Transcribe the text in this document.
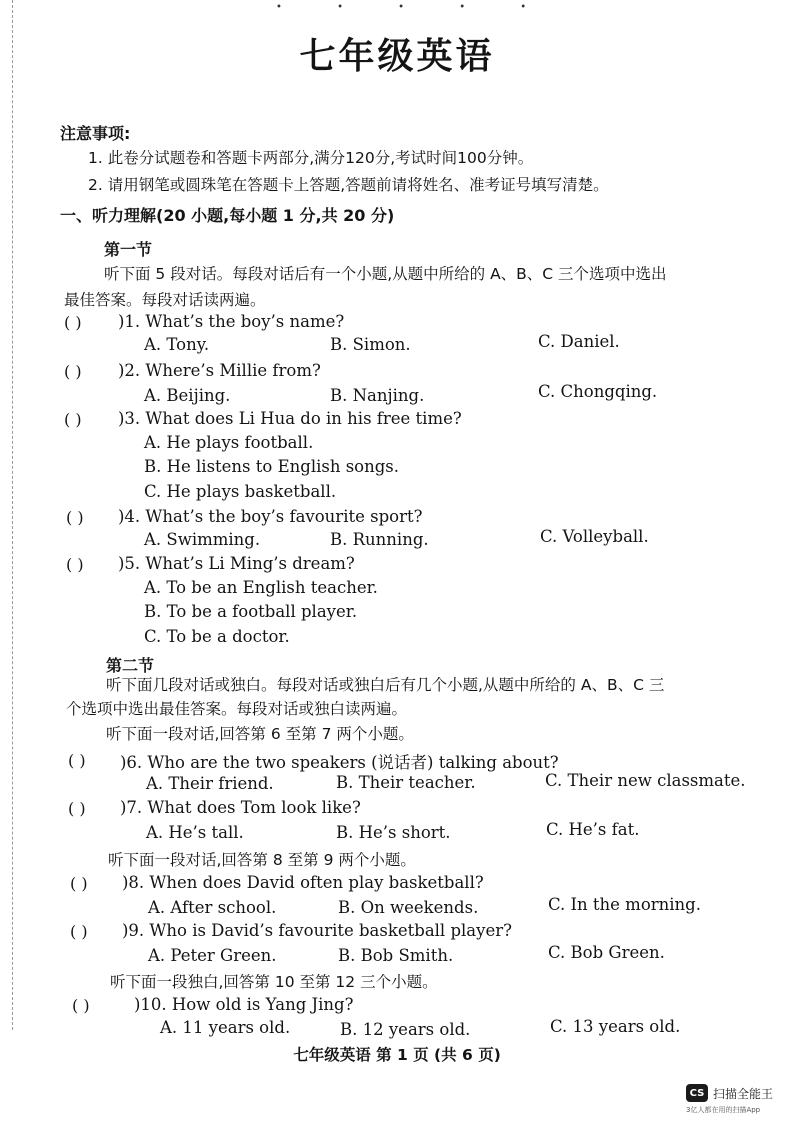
• • • • •
七年级英语
注意事项:
1. 此卷分试题卷和答题卡两部分,满分120分,考试时间100分钟。
2. 请用钢笔或圆珠笔在答题卡上答题,答题前请将姓名、准考证号填写清楚。
一、听力理解(20 小题,每小题 1 分,共 20 分)
第一节
听下面 5 段对话。每段对话后有一个小题,从题中所给的 A、B、C 三个选项中选出
最佳答案。每段对话读两遍。
( ) )1. What’s the boy’s name?
A. Tony.	B. Simon.	C. Daniel.
( ) )2. Where’s Millie from?
A. Beijing.	B. Nanjing.	C. Chongqing.
( ) )3. What does Li Hua do in his free time?
A. He plays football.
B. He listens to English songs.
C. He plays basketball.
( ) )4. What’s the boy’s favourite sport?
A. Swimming.	B. Running.	C. Volleyball.
( ) )5. What’s Li Ming’s dream?
A. To be an English teacher.
B. To be a football player.
C. To be a doctor.
第二节
听下面几段对话或独白。每段对话或独白后有几个小题,从题中所给的 A、B、C 三
个选项中选出最佳答案。每段对话或独白读两遍。
听下面一段对话,回答第 6 至第 7 两个小题。
( ) )6. Who are the two speakers (说话者) talking about?
A. Their friend.	B. Their teacher.	C. Their new classmate.
( ) )7. What does Tom look like?
A. He’s tall.	B. He’s short.	C. He’s fat.
听下面一段对话,回答第 8 至第 9 两个小题。
( ) )8. When does David often play basketball?
A. After school.	B. On weekends.	C. In the morning.
( ) )9. Who is David’s favourite basketball player?
A. Peter Green.	B. Bob Smith.	C. Bob Green.
听下面一段独白,回答第 10 至第 12 三个小题。
( )	)10. How old is Yang Jing?
A. 11 years old.	B. 12 years old.	C. 13 years old.
七年级英语 第 1 页 (共 6 页)
CS 扫描全能王
3亿人都在用的扫描App
